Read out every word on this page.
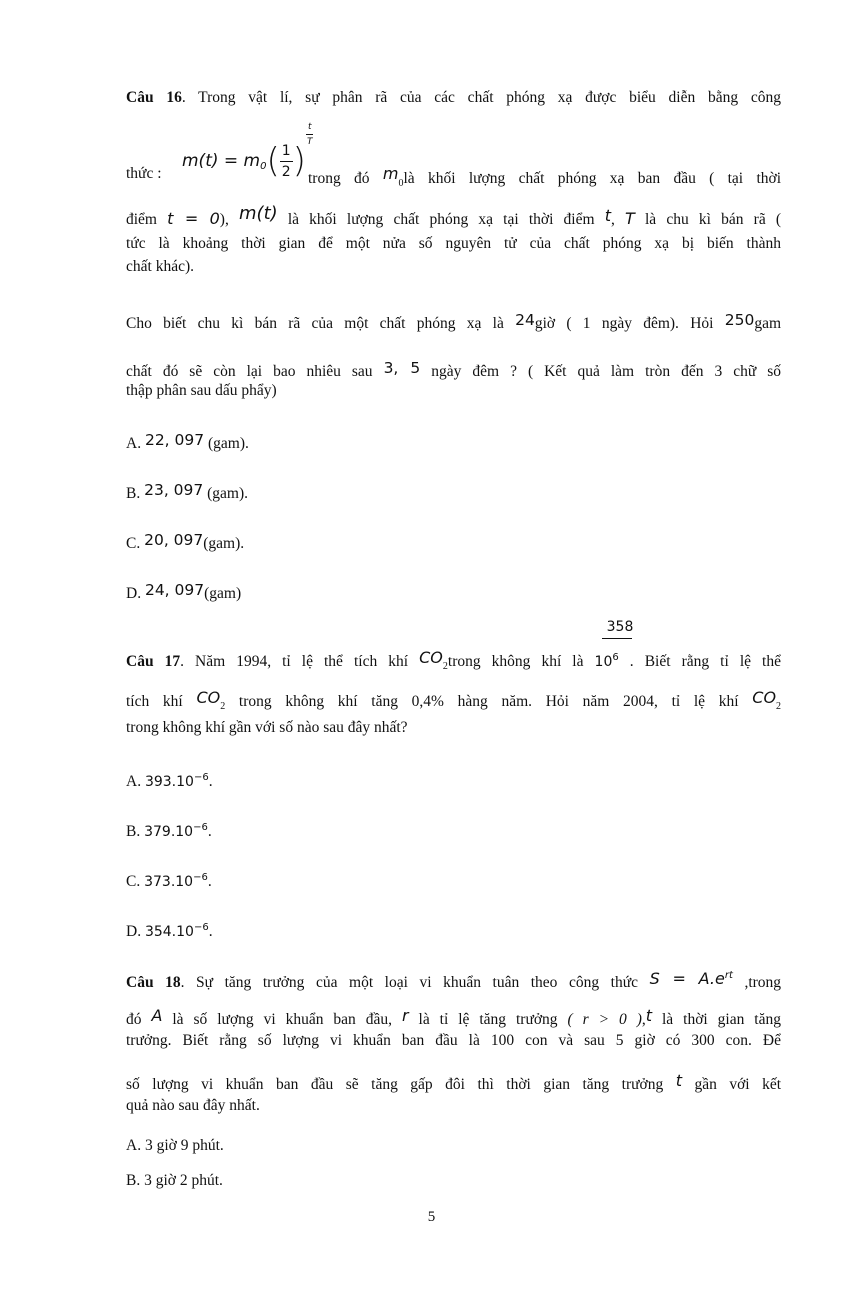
Câu 16. Trong vật lí, sự phân rã của các chất phóng xạ được biểu diễn bằng công
$m(t) = m_0( \frac{1}{2}$ )
$\frac{t}{T}$
thức :	trong đó $m_0là$ khối lượng chất phóng xạ ban đầu ( tại thời
điểm t = 0), m(t) là khối lượng chất phóng xạ tại thời điểm t, T là chu kì bán rã (
tức là khoảng thời gian để một nửa số nguyên tử của chất phóng xạ bị biến thành
chất khác).
Cho biết chu kì bán rã của một chất phóng xạ là 24giờ ( 1 ngày đêm). Hỏi 250gam
chất đó sẽ còn lại bao nhiêu sau 3, 5 ngày đêm ? ( Kết quả làm tròn đến 3 chữ số
thập phân sau dấu phẩy)
A. 22, 097 (gam).
B. 23, 097 (gam).
C. 20, 097(gam).
D. 24, 097(gam)
358
Câu 17. Năm 1994, tỉ lệ thể tích khí $CO_2trong$ không khí là $10^6$ . Biết rằng tỉ lệ thể
tích khí $CO_2$ trong không khí tăng 0,4% hàng năm. Hỏi năm 2004, tỉ lệ khí $CO_2$
trong không khí gần với số nào sau đây nhất?
A. $393.10^{-6}$.
B. $379.10^{-6}$.
C. $373.10^{-6}$.
D. $354.10^{-6}$.
Câu 18. Sự tăng trưởng của một loại vi khuẩn tuân theo công thức $S = A.e^{rt}$ ,trong
đó A là số lượng vi khuẩn ban đầu, r là tỉ lệ tăng trưởng ( r > 0 ),t là thời gian tăng
trưởng. Biết rằng số lượng vi khuẩn ban đầu là 100 con và sau 5 giờ có 300 con. Để
số lượng vi khuẩn ban đầu sẽ tăng gấp đôi thì thời gian tăng trưởng t gần với kết
quả nào sau đây nhất.
A. 3 giờ 9 phút.
B. 3 giờ 2 phút.
5
